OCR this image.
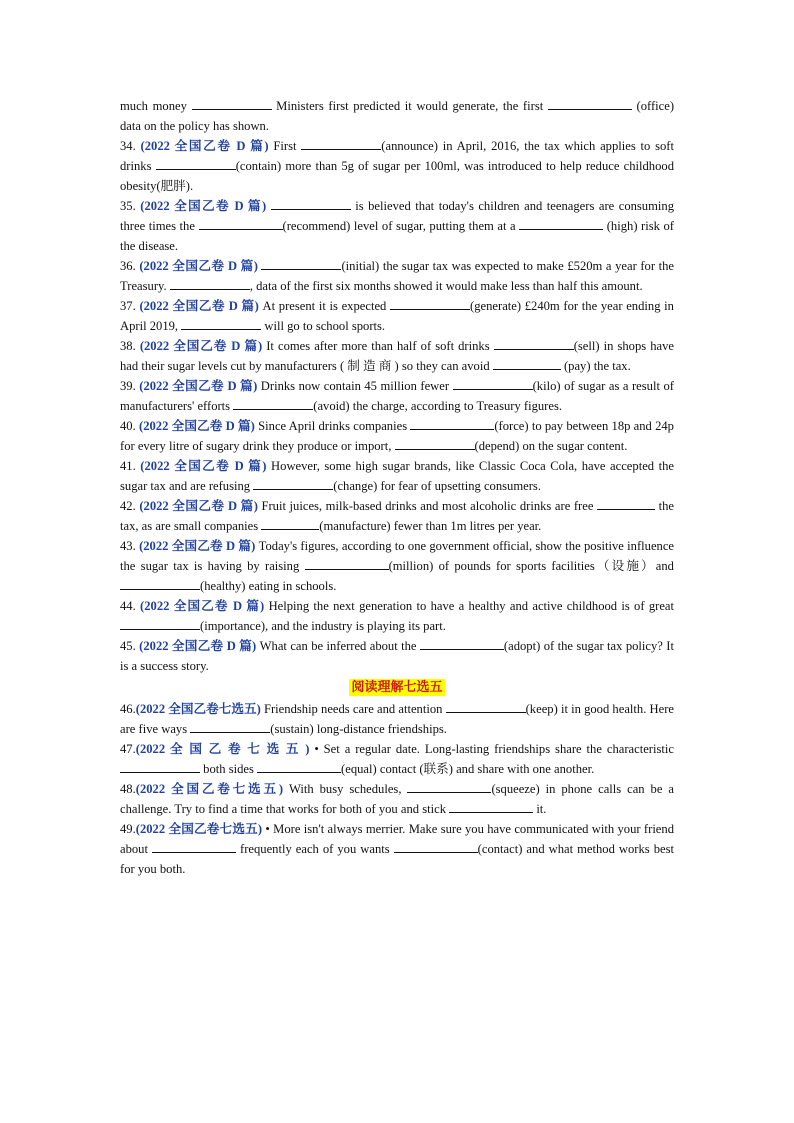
much money	Ministers first predicted it would generate, the first	(office) data on the policy has shown.

34. (2022 全国乙卷 D 篇) First	(announce) in April, 2016, the tax which applies to soft drinks	(contain) more than 5g of sugar per 100ml, was introduced to help reduce childhood obesity(肥胖).

35. (2022 全国乙卷 D 篇)	is believed that today's children and teenagers are consuming three times the	(recommend) level of sugar, putting them at a	(high) risk of the disease.

36. (2022 全国乙卷 D 篇)	(initial) the sugar tax was expected to make £520m a year for the Treasury.	, data of the first six months showed it would make less than half this amount.

37. (2022 全国乙卷 D 篇) At present it is expected	(generate) £240m for the year ending in April 2019,	will go to school sports.

38. (2022 全国乙卷 D 篇) It comes after more than half of soft drinks	(sell) in shops have had their sugar levels cut by manufacturers ( 制 造 商 ) so they can avoid	(pay) the tax.

39. (2022 全国乙卷 D 篇) Drinks now contain 45 million fewer	(kilo) of sugar as a result of manufacturers' efforts	(avoid) the charge, according to Treasury figures.

40. (2022 全国乙卷 D 篇) Since April drinks companies	(force) to pay between 18p and 24p for every litre of sugary drink they produce or import,	(depend) on the sugar content.

41. (2022 全国乙卷 D 篇) However, some high sugar brands, like Classic Coca Cola, have accepted the sugar tax and are refusing	(change) for fear of upsetting consumers.

42. (2022 全国乙卷 D 篇) Fruit juices, milk-based drinks and most alcoholic drinks are free	the tax, as are small companies	(manufacture) fewer than 1m litres per year.

43. (2022 全国乙卷 D 篇) Today's figures, according to one government official, show the positive influence the sugar tax is having by raising	(million) of pounds for sports facilities（设施）and (healthy) eating in schools.

44. (2022 全国乙卷 D 篇) Helping the next generation to have a healthy and active childhood is of great (importance), and the industry is playing its part.

45. (2022 全国乙卷 D 篇) What can be inferred about the	(adopt) of the sugar tax policy? It is a success story.

阅读理解七选五

46.(2022 全国乙卷七选五) Friendship needs care and attention	(keep) it in good health. Here are five ways	(sustain) long-distance friendships.

47.(2022 全 国 乙 卷 七 选 五 ) • Set a regular date. Long-lasting friendships share the characteristic  both sides	(equal) contact (联系) and share with one another.

48.(2022 全国乙卷七选五) With busy schedules,	(squeeze) in phone calls can be a challenge. Try to find a time that works for both of you and stick	it.

49.(2022 全国乙卷七选五) • More isn't always merrier. Make sure you have communicated with your friend about	frequently each of you wants	(contact) and what method works best for you both.
